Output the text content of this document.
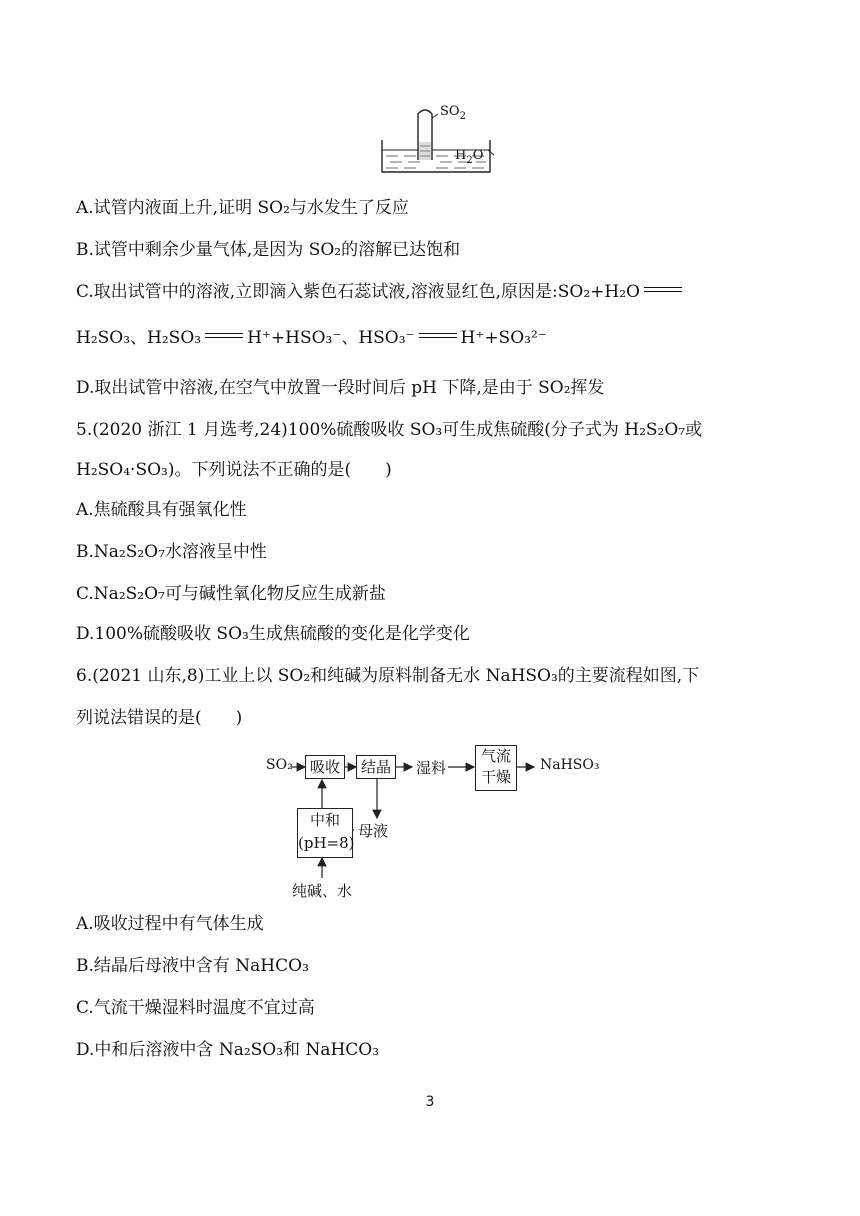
$SO_2$
$H_2O$
A.试管内液面上升,证明 SO₂与水发生了反应
B.试管中剩余少量气体,是因为 SO₂的溶解已达饱和
C.取出试管中的溶液,立即滴入紫色石蕊试液,溶液显红色,原因是:SO₂+H₂O
H₂SO₃、H₂SO₃	H⁺+HSO₃⁻、HSO₃⁻	H⁺+SO₃²⁻
D.取出试管中溶液,在空气中放置一段时间后 pH 下降,是由于 SO₂挥发
5.(2020 浙江 1 月选考,24)100%硫酸吸收 SO₃可生成焦硫酸(分子式为 H₂S₂O₇或
H₂SO₄·SO₃)。下列说法不正确的是(　　)
A.焦硫酸具有强氧化性
B.Na₂S₂O₇水溶液呈中性
C.Na₂S₂O₇可与碱性氧化物反应生成新盐
D.100%硫酸吸收 SO₃生成焦硫酸的变化是化学变化
6.(2021 山东,8)工业上以 SO₂和纯碱为原料制备无水 NaHSO₃的主要流程如图,下
列说法错误的是(　　)
SO₂	吸收	结晶	湿料
气流
干燥
NaHSO₃
母液
中和
(pH=8)
纯碱、水
A.吸收过程中有气体生成
B.结晶后母液中含有 NaHCO₃
C.气流干燥湿料时温度不宜过高
D.中和后溶液中含 Na₂SO₃和 NaHCO₃
3
